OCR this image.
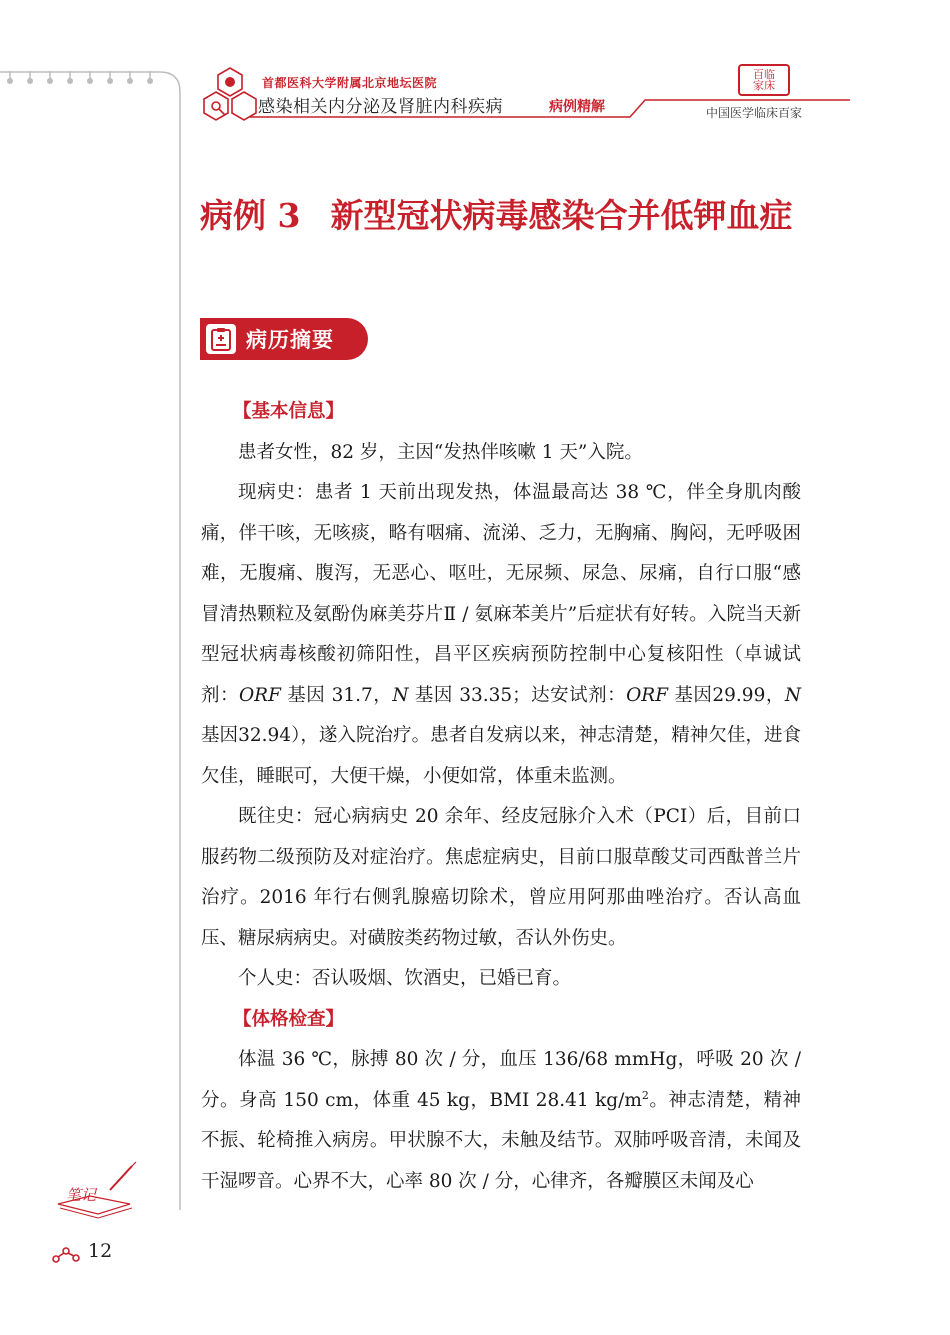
首都医科大学附属北京地坛医院
感染相关内分泌及肾脏内科疾病	病例精解
百临家床
中国医学临床百家
病例 3 新型冠状病毒感染合并低钾血症
病历摘要

【基本信息】

患者女性，82 岁，主因“发热伴咳嗽 1 天”入院。

现病史：患者 1 天前出现发热，体温最高达 38 ℃，伴全身肌肉酸痛，伴干咳，无咳痰，略有咽痛、流涕、乏力，无胸痛、胸闷，无呼吸困难，无腹痛、腹泻，无恶心、呕吐，无尿频、尿急、尿痛，自行口服“感冒清热颗粒及氨酚伪麻美芬片Ⅱ / 氨麻苯美片”后症状有好转。入院当天新型冠状病毒核酸初筛阳性，昌平区疾病预防控制中心复核阳性（卓诚试剂：ORF 基因 31.7，N 基因 33.35；达安试剂：ORF 基因29.99，N基因32.94），遂入院治疗。患者自发病以来，神志清楚，精神欠佳，进食欠佳，睡眠可，大便干燥，小便如常，体重未监测。

既往史：冠心病病史 20 余年、经皮冠脉介入术（PCI）后，目前口服药物二级预防及对症治疗。焦虑症病史，目前口服草酸艾司西酞普兰片治疗。2016 年行右侧乳腺癌切除术，曾应用阿那曲唑治疗。否认高血压、糖尿病病史。对磺胺类药物过敏，否认外伤史。

个人史：否认吸烟、饮酒史，已婚已育。

【体格检查】

体温 36 ℃，脉搏 80 次 / 分，血压 136/68 mmHg，呼吸 20 次 / 分。身高 150 cm，体重 45 kg，BMI 28.41 $kg/m^2$。神志清楚，精神不振、轮椅推入病房。甲状腺不大，未触及结节。双肺呼吸音清，未闻及干湿啰音。心界不大，心率 80 次 / 分，心律齐，各瓣膜区未闻及心

笔记
12
